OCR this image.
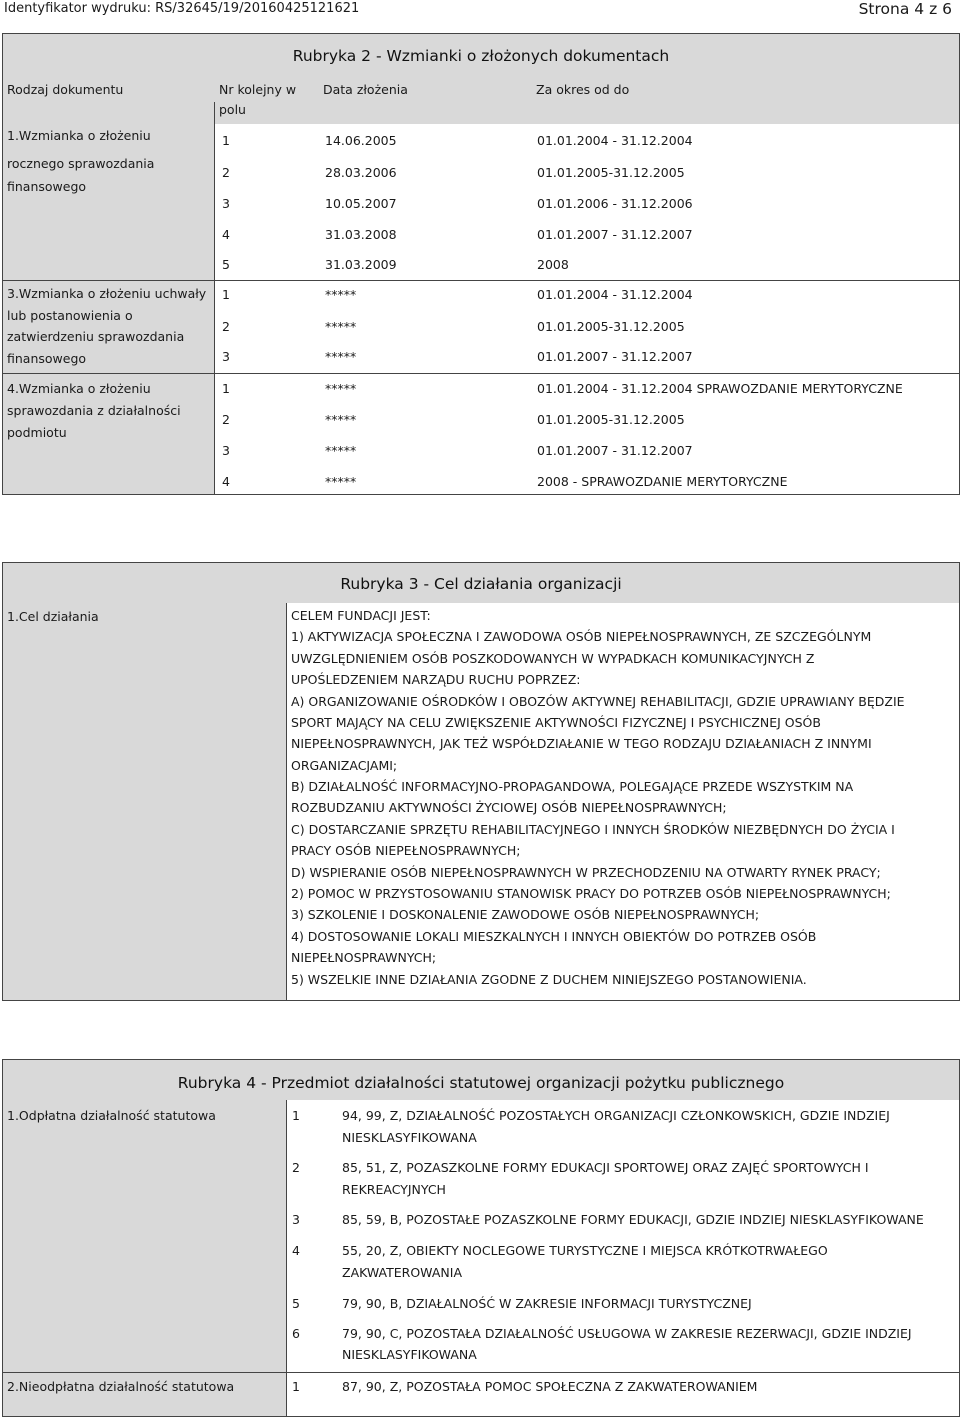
Identyfikator wydruku: RS/32645/19/20160425121621	Strona 4 z 6
Rubryka 2 - Wzmianki o złożonych dokumentach
Rodzaj dokumentu	Nr kolejny w
polu
Data złożenia	Za okres od do
1.Wzmianka o złożeniu
rocznego sprawozdania
finansowego
1	14.06.2005	01.01.2004 - 31.12.2004
2	28.03.2006	01.01.2005-31.12.2005
3	10.05.2007	01.01.2006 - 31.12.2006
4	31.03.2008	01.01.2007 - 31.12.2007
5	31.03.2009	2008
3.Wzmianka o złożeniu uchwały
lub postanowienia o
zatwierdzeniu sprawozdania
finansowego
1	*****	01.01.2004 - 31.12.2004
2	*****	01.01.2005-31.12.2005
3	*****	01.01.2007 - 31.12.2007
4.Wzmianka o złożeniu
sprawozdania z działalności
podmiotu
1	*****	01.01.2004 - 31.12.2004 SPRAWOZDANIE MERYTORYCZNE
2	*****	01.01.2005-31.12.2005
3	*****	01.01.2007 - 31.12.2007
4	*****	2008 - SPRAWOZDANIE MERYTORYCZNE
Rubryka 3 - Cel działania organizacji
1.Cel działania	CELEM FUNDACJI JEST:
1) AKTYWIZACJA SPOŁECZNA I ZAWODOWA OSÓB NIEPEŁNOSPRAWNYCH, ZE SZCZEGÓLNYM
UWZGLĘDNIENIEM OSÓB POSZKODOWANYCH W WYPADKACH KOMUNIKACYJNYCH Z
UPOŚLEDZENIEM NARZĄDU RUCHU POPRZEZ:
A) ORGANIZOWANIE OŚRODKÓW I OBOZÓW AKTYWNEJ REHABILITACJI, GDZIE UPRAWIANY BĘDZIE
SPORT MAJĄCY NA CELU ZWIĘKSZENIE AKTYWNOŚCI FIZYCZNEJ I PSYCHICZNEJ OSÓB
NIEPEŁNOSPRAWNYCH, JAK TEŻ WSPÓŁDZIAŁANIE W TEGO RODZAJU DZIAŁANIACH Z INNYMI
ORGANIZACJAMI;
B) DZIAŁALNOŚĆ INFORMACYJNO-PROPAGANDOWA, POLEGAJĄCE PRZEDE WSZYSTKIM NA
ROZBUDZANIU AKTYWNOŚCI ŻYCIOWEJ OSÓB NIEPEŁNOSPRAWNYCH;
C) DOSTARCZANIE SPRZĘTU REHABILITACYJNEGO I INNYCH ŚRODKÓW NIEZBĘDNYCH DO ŻYCIA I
PRACY OSÓB NIEPEŁNOSPRAWNYCH;
D) WSPIERANIE OSÓB NIEPEŁNOSPRAWNYCH W PRZECHODZENIU NA OTWARTY RYNEK PRACY;
2) POMOC W PRZYSTOSOWANIU STANOWISK PRACY DO POTRZEB OSÓB NIEPEŁNOSPRAWNYCH;
3) SZKOLENIE I DOSKONALENIE ZAWODOWE OSÓB NIEPEŁNOSPRAWNYCH;
4) DOSTOSOWANIE LOKALI MIESZKALNYCH I INNYCH OBIEKTÓW DO POTRZEB OSÓB
NIEPEŁNOSPRAWNYCH;
5) WSZELKIE INNE DZIAŁANIA ZGODNE Z DUCHEM NINIEJSZEGO POSTANOWIENIA.
Rubryka 4 - Przedmiot działalności statutowej organizacji pożytku publicznego
1.Odpłatna działalność statutowa	1	94, 99, Z, DZIAŁALNOŚĆ POZOSTAŁYCH ORGANIZACJI CZŁONKOWSKICH, GDZIE INDZIEJ
NIESKLASYFIKOWANA
2	85, 51, Z, POZASZKOLNE FORMY EDUKACJI SPORTOWEJ ORAZ ZAJĘĆ SPORTOWYCH I
REKREACYJNYCH
3	85, 59, B, POZOSTAŁE POZASZKOLNE FORMY EDUKACJI, GDZIE INDZIEJ NIESKLASYFIKOWANE
4	55, 20, Z, OBIEKTY NOCLEGOWE TURYSTYCZNE I MIEJSCA KRÓTKOTRWAŁEGO
ZAKWATEROWANIA
5	79, 90, B, DZIAŁALNOŚĆ W ZAKRESIE INFORMACJI TURYSTYCZNEJ
6	79, 90, C, POZOSTAŁA DZIAŁALNOŚĆ USŁUGOWA W ZAKRESIE REZERWACJI, GDZIE INDZIEJ
NIESKLASYFIKOWANA
2.Nieodpłatna działalność statutowa	1	87, 90, Z, POZOSTAŁA POMOC SPOŁECZNA Z ZAKWATEROWANIEM
